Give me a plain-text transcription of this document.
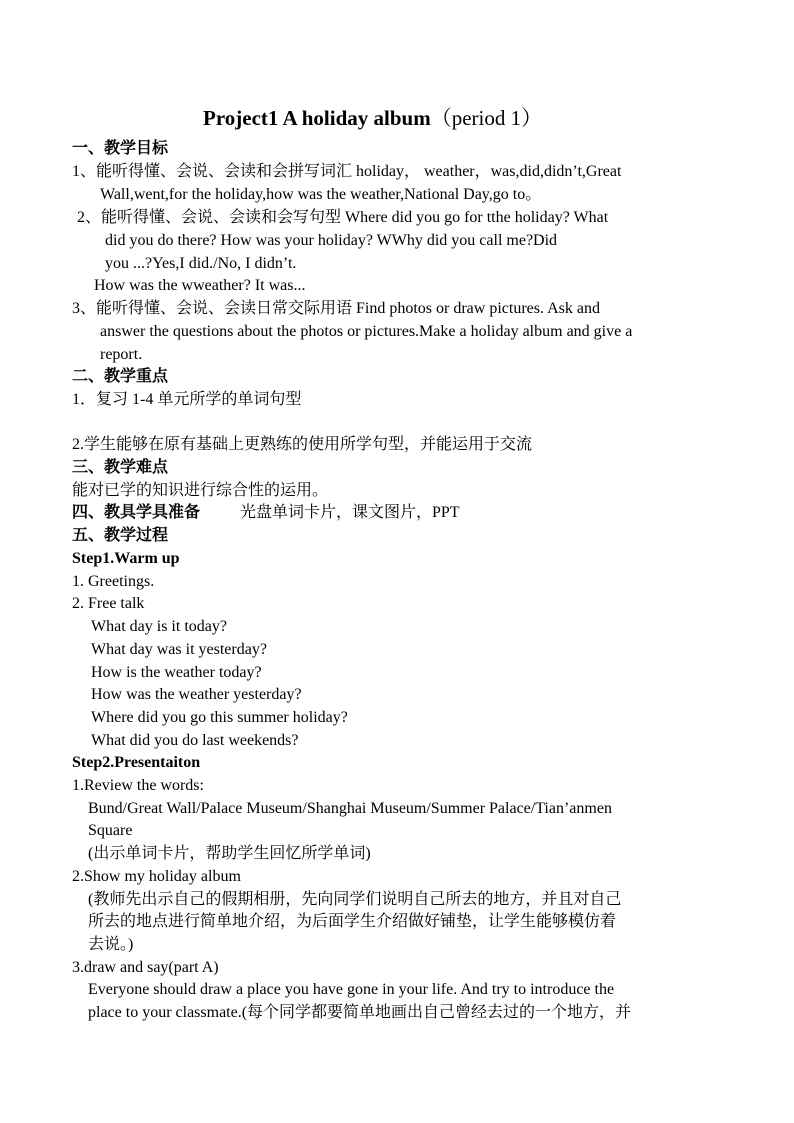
Project1 A holiday album（period 1）
一、教学目标
1、能听得懂、会说、会读和会拼写词汇 holiday， weather，was,did,didn’t,Great
Wall,went,for the holiday,how was the weather,National Day,go to。
2、能听得懂、会说、会读和会写句型 Where did you go for tthe holiday? What
did you do there? How was your holiday? WWhy did you call me?Did
you ...?Yes,I did./No, I didn’t.
How was the wweather? It was...
3、能听得懂、会说、会读日常交际用语 Find photos or draw pictures. Ask and
answer the questions about the photos or pictures.Make a holiday album and give a
report.
二、教学重点
1．复习 1-4 单元所学的单词句型
2.学生能够在原有基础上更熟练的使用所学句型，并能运用于交流
三、教学难点
能对已学的知识进行综合性的运用。
四、教具学具准备 光盘单词卡片，课文图片，PPT
五、教学过程
Step1.Warm up
1. Greetings.
2. Free talk
What day is it today?
What day was it yesterday?
How is the weather today?
How was the weather yesterday?
Where did you go this summer holiday?
What did you do last weekends?
Step2.Presentaiton
1.Review the words:
Bund/Great Wall/Palace Museum/Shanghai Museum/Summer Palace/Tian’anmen
Square
(出示单词卡片，帮助学生回忆所学单词)
2.Show my holiday album
(教师先出示自己的假期相册，先向同学们说明自己所去的地方，并且对自己
所去的地点进行简单地介绍，为后面学生介绍做好铺垫，让学生能够模仿着
去说。)
3.draw and say(part A)
Everyone should draw a place you have gone in your life. And try to introduce the
place to your classmate.(每个同学都要简单地画出自己曾经去过的一个地方，并
